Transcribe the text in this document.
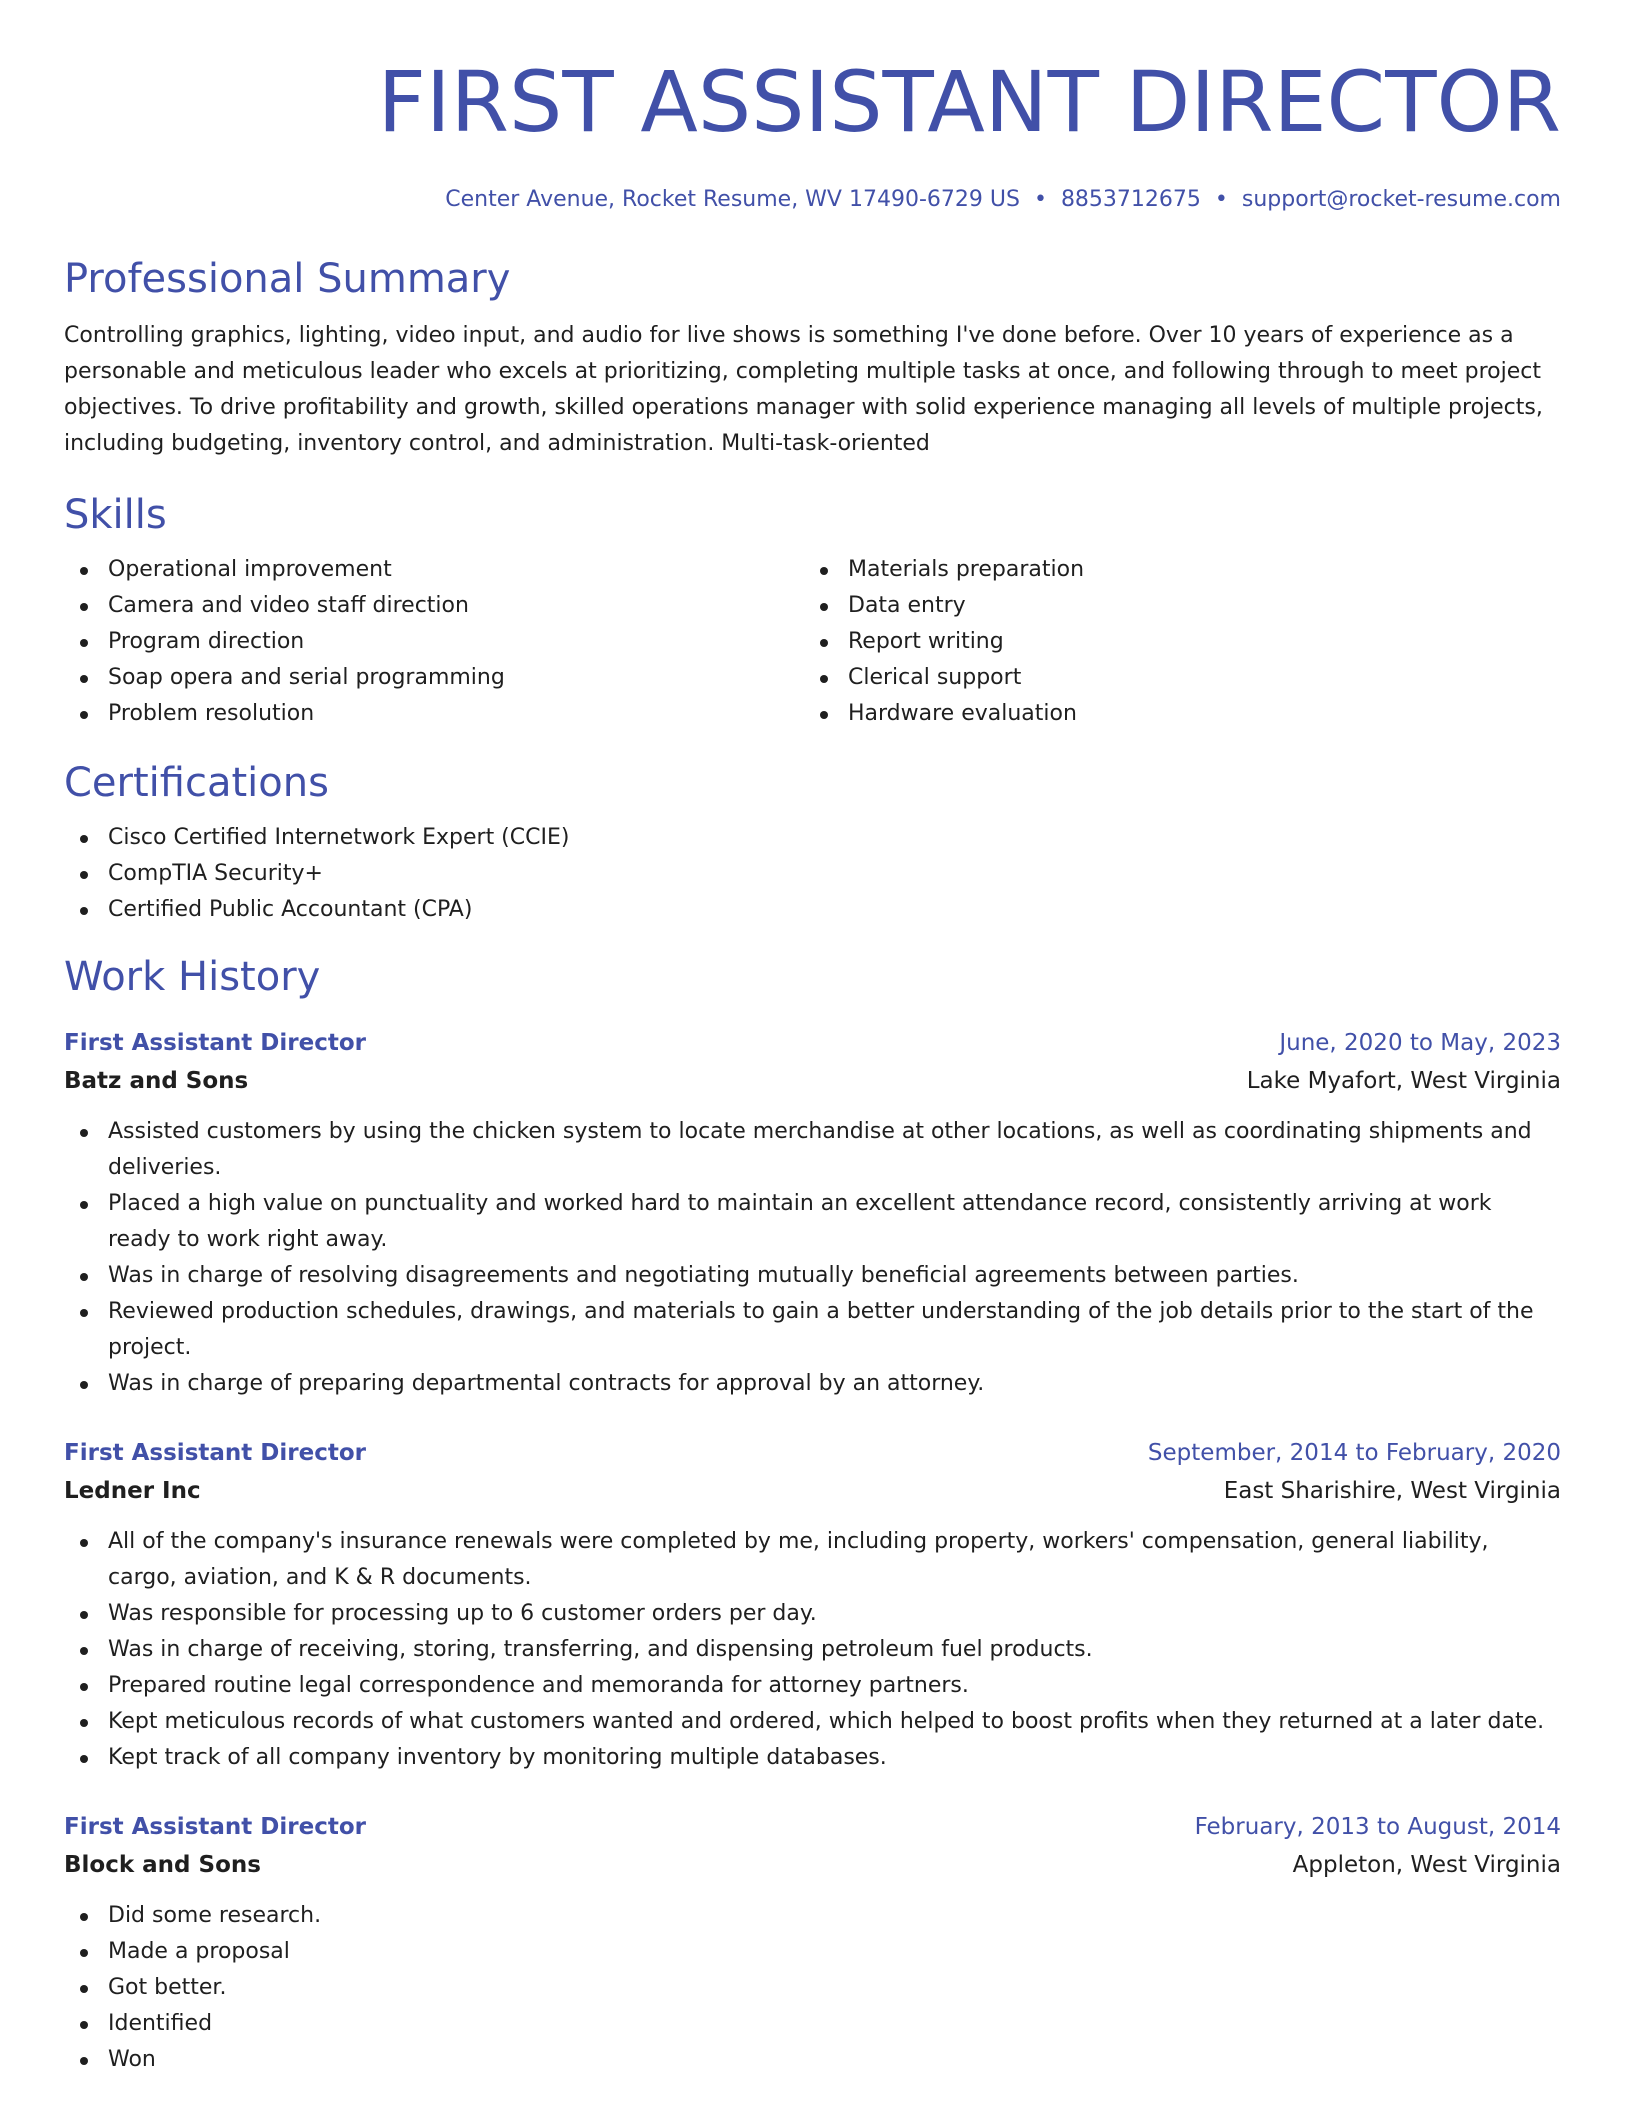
FIRST ASSISTANT DIRECTOR
Center Avenue, Rocket Resume, WV 17490-6729 US • 8853712675 • support@rocket-resume.com
Professional Summary
Controlling graphics, lighting, video input, and audio for live shows is something I've done before. Over 10 years of experience as a personable and meticulous leader who excels at prioritizing, completing multiple tasks at once, and following through to meet project objectives. To drive profitability and growth, skilled operations manager with solid experience managing all levels of multiple projects, including budgeting, inventory control, and administration. Multi-task-oriented
Skills
Operational improvement
Camera and video staff direction
Program direction
Soap opera and serial programming
Problem resolution
Materials preparation
Data entry
Report writing
Clerical support
Hardware evaluation
Certifications
Cisco Certified Internetwork Expert (CCIE)
CompTIA Security+
Certified Public Accountant (CPA)
Work History
First Assistant Director	June, 2020 to May, 2023
Batz and Sons	Lake Myafort, West Virginia
Assisted customers by using the chicken system to locate merchandise at other locations, as well as coordinating shipments and deliveries.
Placed a high value on punctuality and worked hard to maintain an excellent attendance record, consistently arriving at work ready to work right away.
Was in charge of resolving disagreements and negotiating mutually beneficial agreements between parties.
Reviewed production schedules, drawings, and materials to gain a better understanding of the job details prior to the start of the project.
Was in charge of preparing departmental contracts for approval by an attorney.
First Assistant Director	September, 2014 to February, 2020
Ledner Inc	East Sharishire, West Virginia
All of the company's insurance renewals were completed by me, including property, workers' compensation, general liability, cargo, aviation, and K & R documents.
Was responsible for processing up to 6 customer orders per day.
Was in charge of receiving, storing, transferring, and dispensing petroleum fuel products.
Prepared routine legal correspondence and memoranda for attorney partners.
Kept meticulous records of what customers wanted and ordered, which helped to boost profits when they returned at a later date.
Kept track of all company inventory by monitoring multiple databases.
First Assistant Director	February, 2013 to August, 2014
Block and Sons	Appleton, West Virginia
Did some research.
Made a proposal
Got better.
Identified
Won
